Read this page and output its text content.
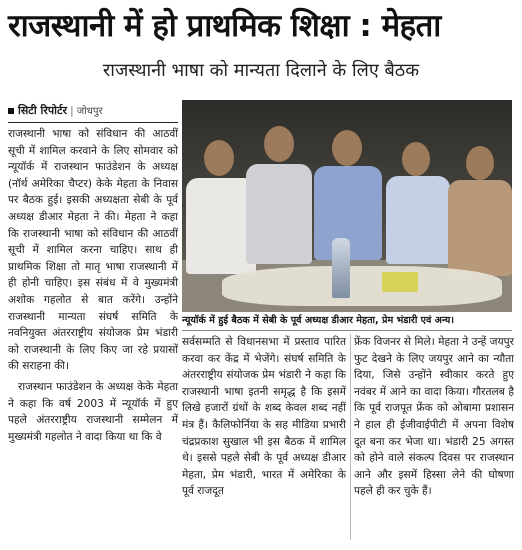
राजस्थानी में हो प्राथमिक शिक्षा : मेहता
राजस्थानी भाषा को मान्यता दिलाने के लिए बैठक
सिटी रिपोर्टर | जोधपुर

राजस्थानी भाषा को संविधान की आठवीं सूची में शामिल करवाने के लिए सोमवार को न्यूयॉर्क में राजस्थान फाउंडेशन के अध्यक्ष (नॉर्थ अमेरिका चैप्टर) केके मेहता के निवास पर बैठक हुई। इसकी अध्यक्षता सेबी के पूर्व अध्यक्ष डीआर मेहता ने की। मेहता ने कहा कि राजस्थानी भाषा को संविधान की आठवीं सूची में शामिल करना चाहिए। साथ ही प्राथमिक शिक्षा तो मातृ भाषा राजस्थानी में ही होनी चाहिए। इस संबंध में वे मुख्यमंत्री अशोक गहलोत से बात करेंगे। उन्होंने राजस्थानी मान्यता संघर्ष समिति के नवनियुक्त अंतरराष्ट्रीय संयोजक प्रेम भंडारी को राजस्थानी के लिए किए जा रहे प्रयासों की सराहना की।

राजस्थान फाउंडेशन के अध्यक्ष केके मेहता ने कहा कि वर्ष 2003 में न्यूयॉर्क में हुए पहले अंतरराष्ट्रीय राजस्थानी सम्मेलन में मुख्यमंत्री गहलोत ने वादा किया था कि वे

न्यूयॉर्क में हुई बैठक में सेबी के पूर्व अध्यक्ष डीआर मेहता, प्रेम भंडारी एवं अन्य।

सर्वसम्मति से विधानसभा में प्रस्ताव पारित करवा कर केंद्र में भेजेंगे। संघर्ष समिति के अंतरराष्ट्रीय संयोजक प्रेम भंडारी ने कहा कि राजस्थानी भाषा इतनी समृद्ध है कि इसमें लिखे हजारों ग्रंथों के शब्द केवल शब्द नहीं मंत्र हैं। कैलिफोर्निया के सह मीडिया प्रभारी चंद्रप्रकाश सुखाल भी इस बैठक में शामिल थे। इससे पहले सेबी के पूर्व अध्यक्ष डीआर मेहता, प्रेम भंडारी, भारत में अमेरिका के पूर्व राजदूत

फ्रेंक विजनर से मिले। मेहता ने उन्हें जयपुर फुट देखने के लिए जयपुर आने का न्यौता दिया, जिसे उन्होंने स्वीकार करते हुए नवंबर में आने का वादा किया। गौरतलब है कि पूर्व राजपूत फ्रेंक को ओबामा प्रशासन ने हाल ही ईजीवाईपीटी में अपना विशेष दूत बना कर भेजा था। भंडारी 25 अगस्त को होने वाले संकल्प दिवस पर राजस्थान आने और इसमें हिस्सा लेने की घोषणा पहले ही कर चुके हैं।
